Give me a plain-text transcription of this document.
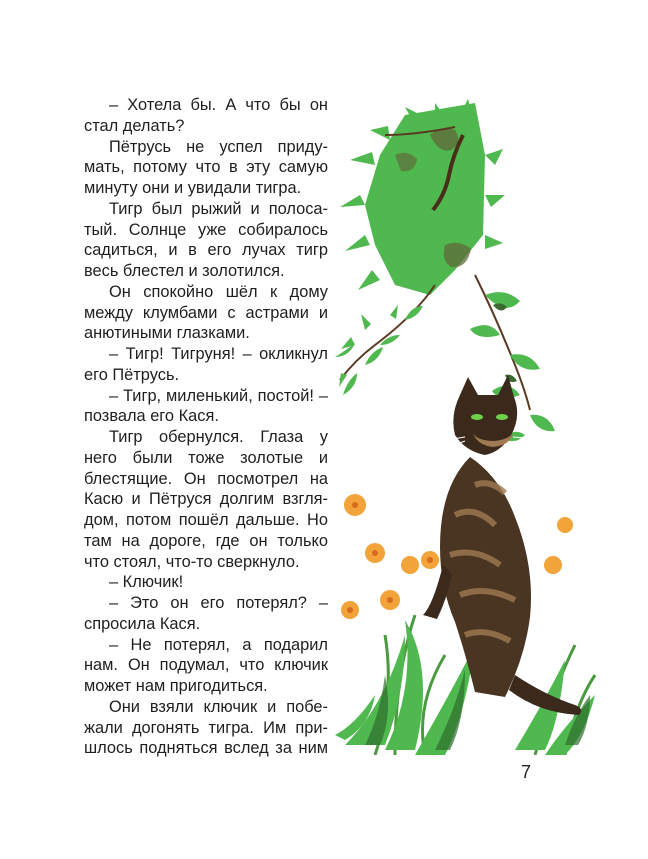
– Хотела бы. А что бы он
стал делать?
Пётрусь не успел приду-
мать, потому что в эту самую
минуту они и увидали тигра.
Тигр был рыжий и полоса-
тый. Солнце уже собиралось
садиться, и в его лучах тигр
весь блестел и золотился.
Он спокойно шёл к дому
между клумбами с астрами и
анютиными глазками.
– Тигр! Тигруня! – окликнул
его Пётрусь.
– Тигр, миленький, постой! –
позвала его Кася.
Тигр обернулся. Глаза у
него были тоже золотые и
блестящие. Он посмотрел на
Касю и Пётруся долгим взгля-
дом, потом пошёл дальше. Но
там на дороге, где он только
что стоял, что-то сверкнуло.
– Ключик!
– Это он его потерял? –
спросила Кася.
– Не потерял, а подарил
нам. Он подумал, что ключик
может нам пригодиться.
Они взяли ключик и побе-
жали догонять тигра. Им при-
шлось подняться вслед за ним
7
